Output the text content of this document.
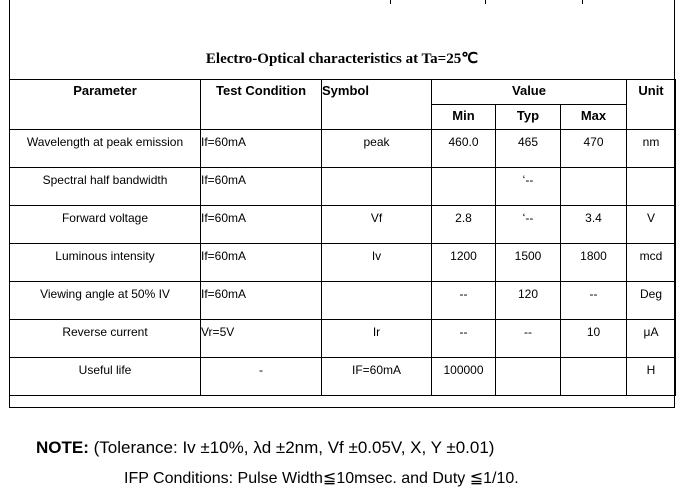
Electro-Optical characteristics at Ta=25℃
Parameter	Test Condition	Symbol	Value			Unit
			Min	Typ	Max	
Wavelength at peak emission	If=60mA	peak	460.0	465	470	nm
Spectral half bandwidth	If=60mA			‘--		
Forward voltage	If=60mA	Vf	2.8	‘--	3.4	V
Luminous intensity	If=60mA	Iv	1200	1500	1800	mcd
Viewing angle at 50% IV	If=60mA		--	120	--	Deg
Reverse current	Vr=5V	Ir	--	--	10	μA
Useful life	-	IF=60mA	100000			H
NOTE: (Tolerance: Iv ±10%, λd ±2nm, Vf ±0.05V, X, Y ±0.01)
IFP Conditions: Pulse Width≦10msec. and Duty ≦1/10.
